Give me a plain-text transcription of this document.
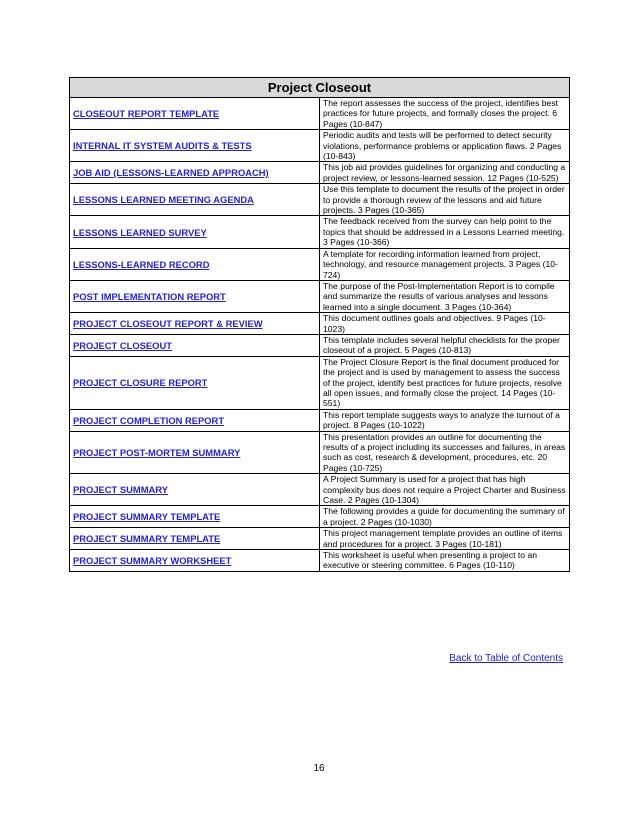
Project Closeout	
CLOSEOUT REPORT TEMPLATE	The report assesses the success of the project, identifies best practices for future projects, and formally closes the project. 6 Pages (10-847)
INTERNAL IT SYSTEM AUDITS & TESTS	Periodic audits and tests will be performed to detect security violations, performance problems or application flaws. 2 Pages (10-843)
JOB AID (LESSONS-LEARNED APPROACH)	This job aid provides guidelines for organizing and conducting a project review, or lessons-learned session. 12 Pages (10-525)
LESSONS LEARNED MEETING AGENDA	Use this template to document the results of the project in order to provide a thorough review of the lessons and aid future projects. 3 Pages (10-365)
LESSONS LEARNED SURVEY	The feedback received from the survey can help point to the topics that should be addressed in a Lessons Learned meeting. 3 Pages (10-366)
LESSONS-LEARNED RECORD	A template for recording information learned from project, technology, and resource management projects. 3 Pages (10-724)
POST IMPLEMENTATION REPORT	The purpose of the Post-Implementation Report is to compile and summarize the results of various analyses and lessons learned into a single document. 3 Pages (10-364)
PROJECT CLOSEOUT REPORT & REVIEW	This document outlines goals and objectives. 9 Pages (10-1023)
PROJECT CLOSEOUT	This template includes several helpful checklists for the proper closeout of a project. 5 Pages (10-813)
PROJECT CLOSURE REPORT	The Project Closure Report is the final document produced for the project and is used by management to assess the success of the project, identify best practices for future projects, resolve all open issues, and formally close the project. 14 Pages (10-551)
PROJECT COMPLETION REPORT	This report template suggests ways to analyze the turnout of a project. 8 Pages (10-1022)
PROJECT POST-MORTEM SUMMARY	This presentation provides an outline for documenting the results of a project including its successes and failures, in areas such as cost, research & development, procedures, etc. 20 Pages (10-725)
PROJECT SUMMARY	A Project Summary is used for a project that has high complexity bus does not require a Project Charter and Business Case. 2 Pages (10-1304)
PROJECT SUMMARY TEMPLATE	The following provides a guide for documenting the summary of a project. 2 Pages (10-1030)
PROJECT SUMMARY TEMPLATE	This project management template provides an outline of items and procedures for a project. 3 Pages (10-181)
PROJECT SUMMARY WORKSHEET	This worksheet is useful when presenting a project to an executive or steering committee. 6 Pages (10-110)
Back to Table of Contents
16
